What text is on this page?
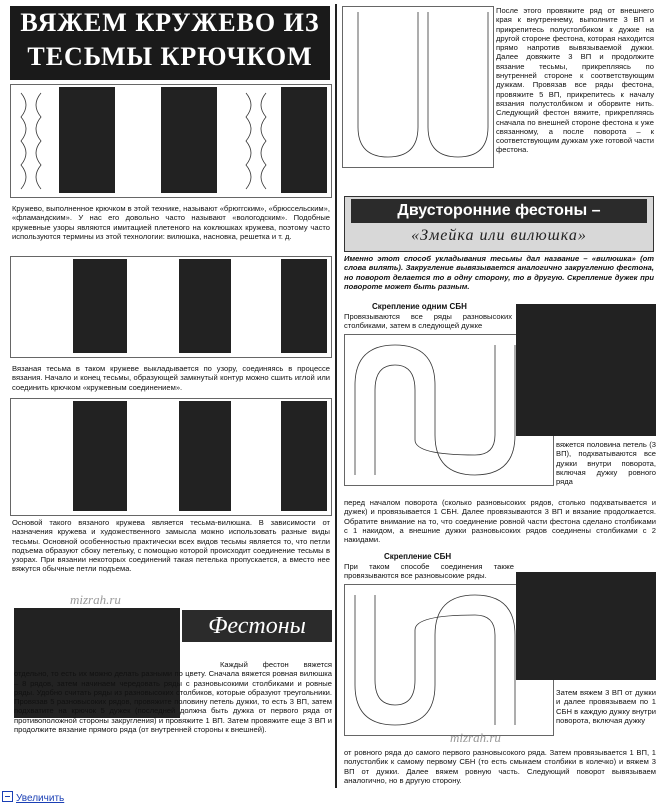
ВЯЖЕМ КРУЖЕВО ИЗ
ТЕСЬМЫ КРЮЧКОМ
Кружево, выполненное крючком в этой технике, называют «брюггским», «брюссельским», «фламандским». У нас его довольно часто называют «вологодским». Подобные кружевные узоры являются имитацией плетеного на коклюшках кружева, поэтому часто используются термины из этой технологии: вилюшка, насновка, решетка и т. д.
Вязаная тесьма в таком кружеве выкладывается по узору, соединяясь в процессе вязания. Начало и конец тесьмы, образующей замкнутый контур можно сшить иглой или соединить крючком «кружевным соединением».
Основой такого вязаного кружева является тесьма-вилюшка. В зависимости от назначения кружева и художественного замысла можно использовать разные виды тесьмы. Основной особенностью практически всех видов тесьмы является то, что петли подъема образуют сбоку петельку, с помощью которой происходит соединение тесьмы в узорах. При вязании некоторых соединений такая петелька пропускается, а вместо нее вяжутся обычные петли подъема.
mizrah.ru
Фестоны
Каждый фестон вяжется отдельно, то есть их можно делать разными по цвету. Сначала вяжется ровная вилюшка – 8 рядов, затем начинаем чередовать ряды с разновысокими столбиками и ровные ряды. Удобно считать ряды из разновысоких столбиков, которые образуют треугольники. Провязав 5 разновысоких рядов, провяжите половину петель дужки, то есть 3 ВП, затем подхватите на крючок 5 дужек (последней должна быть дужка от первого ряда от противоположной стороны закругления) и провяжите 1 ВП. Затем провяжите еще 3 ВП и продолжите вязание прямого ряда (от внутренней стороны к внешней).
После этого провяжите ряд от внешнего края к внутреннему, выполните 3 ВП и прикрепитесь полустолбиком к дужке на другой стороне фестона, которая находится прямо напротив вывязываемой дужки. Далее довяжите 3 ВП и продолжите вязание тесьмы, прикрепляясь по внутренней стороне к соответствующим дужкам. Провязав все ряды фестона, провяжите 5 ВП, прикрепитесь к началу вязания полустолбиком и оборвите нить. Следующий фестон вяжите, прикрепляясь сначала по внешней стороне фестона к уже связанному, а после поворота – к соответствующим дужкам уже готовой части фестона.
Двусторонние фестоны –
«Змейка или вилюшка»
Именно этот способ укладывания тесьмы дал название – «вилюшка» (от слова вилять). Закругление вывязывается аналогично закруглению фестона, но поворот делается то в одну сторону, то в другую. Скрепление дужек при повороте может быть разным.
Скрепление одним СБН
Провязываются все ряды разновысоких столбиками, затем в следующей дужке
вяжется половина петель (3 ВП), подхватываются все дужки внутри поворота, включая дужку ровного ряда
перед началом поворота (сколько разновысоких рядов, столько подхватывается и дужек) и провязывается 1 СБН. Далее провязываются 3 ВП и вязание продолжается. Обратите внимание на то, что соединение ровной части фестона сделано столбиками с 1 накидом, а внешние дужки разновысоких рядов соединены столбиками с 2 накидами.
Скрепление СБН
При таком способе соединения также провязываются все разновысокие ряды.
Затем вяжем 3 ВП от дужки и далее провязываем по 1 СБН в каждую дужку внутри поворота, включая дужку
mizrah.ru
от ровного ряда до самого первого разновысокого ряда. Затем провязывается 1 ВП, 1 полустолбик к самому первому СБН (то есть смыкаем столбики в колечко) и вяжем 3 ВП от дужки. Далее вяжем ровную часть. Следующий поворот вывязываем аналогично, но в другую сторону.
Увеличить
